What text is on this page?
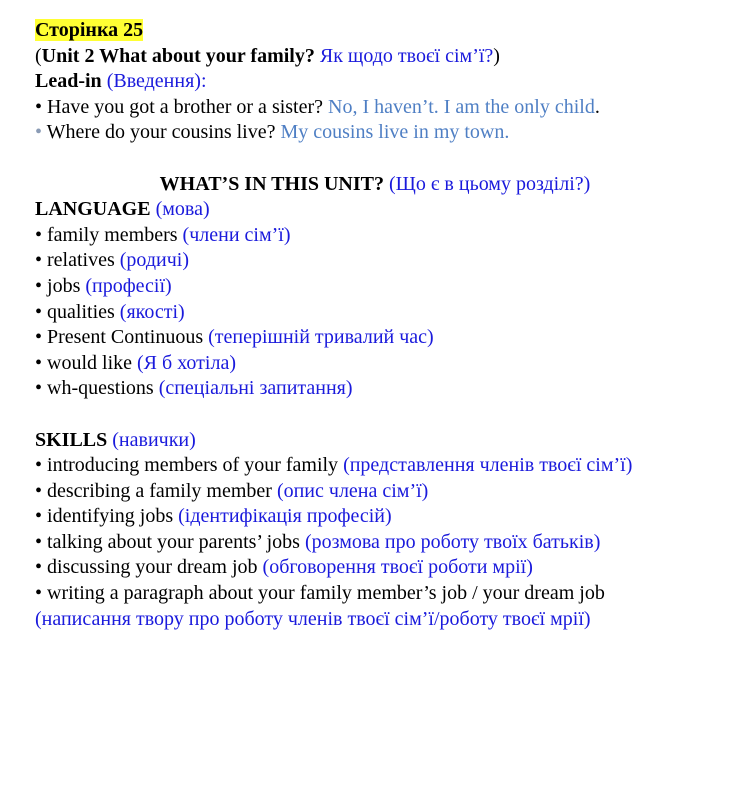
Сторінка 25
(Unit 2 What about your family? Як щодо твоєї сім’ї?)
Lead-in (Введення):
• Have you got a brother or a sister? No, I haven’t. I am the only child.
• Where do your cousins live? My cousins live in my town.
WHAT’S IN THIS UNIT? (Що є в цьому розділі?)
LANGUAGE (мова)
• family members (члени сім’ї)
• relatives (родичі)
• jobs (професії)
• qualities (якості)
• Present Continuous (теперішній тривалий час)
• would like (Я б хотіла)
• wh-questions (спеціальні запитання)
SKILLS (навички)
• introducing members of your family (представлення членів твоєї сім’ї)
• describing a family member (опис члена сім’ї)
• identifying jobs (ідентифікація професій)
• talking about your parents’ jobs (розмова про роботу твоїх батьків)
• discussing your dream job (обговорення твоєї роботи мрії)
• writing a paragraph about your family member’s job / your dream job
(написання твору про роботу членів твоєї сім’ї/роботу твоєї мрії)
